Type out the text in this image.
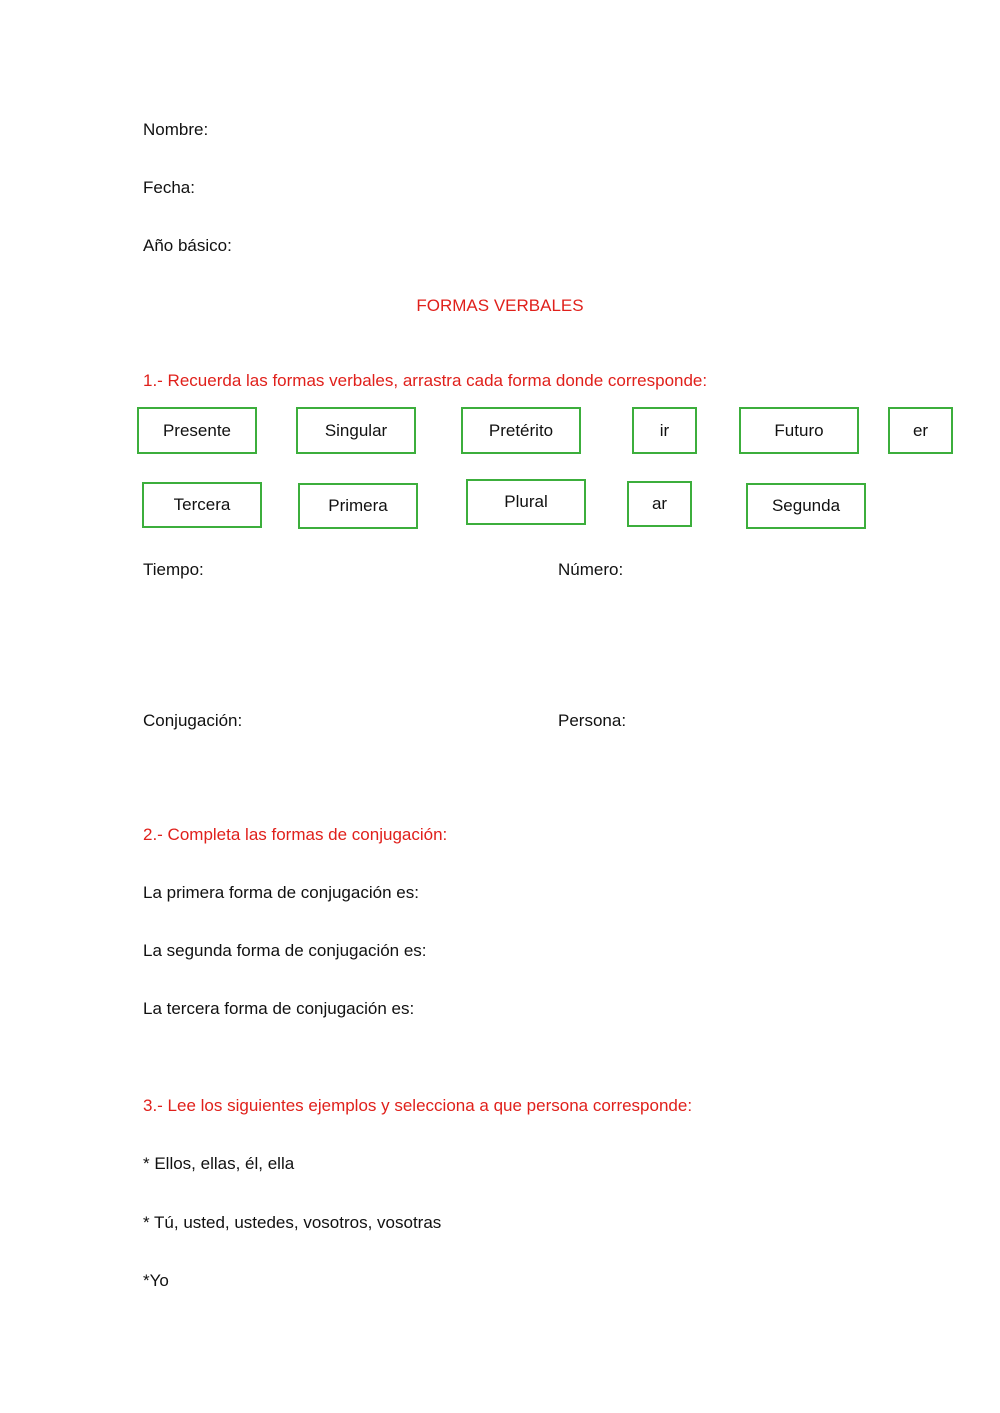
Nombre:
Fecha:
Año básico:
FORMAS VERBALES
1.- Recuerda las formas verbales, arrastra cada forma donde corresponde:
Presente	Singular	Pretérito	ir	Futuro	er
Tercera	Primera	Plural	ar	Segunda
Tiempo:	Número:
Conjugación:	Persona:
2.- Completa las formas de conjugación:
La primera forma de conjugación es:
La segunda forma de conjugación es:
La tercera forma de conjugación es:
3.- Lee los siguientes ejemplos y selecciona a que persona corresponde:
* Ellos, ellas, él, ella
* Tú, usted, ustedes, vosotros, vosotras
*Yo
